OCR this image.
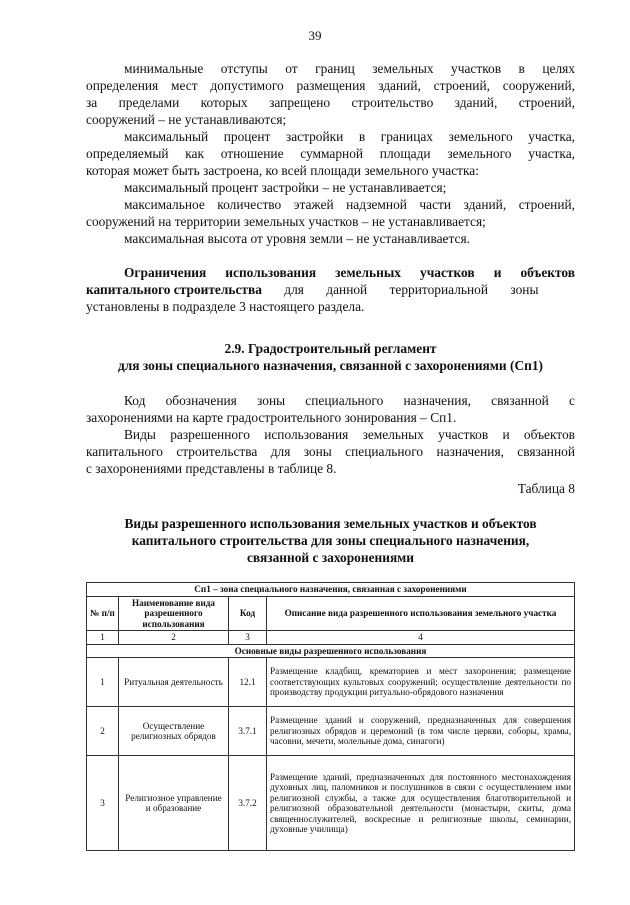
39
минимальные отступы от границ земельных участков в целях
определения мест допустимого размещения зданий, строений, сооружений,
за пределами которых запрещено строительство зданий, строений,
сооружений – не устанавливаются;
максимальный процент застройки в границах земельного участка,
определяемый как отношение суммарной площади земельного участка,
которая может быть застроена, ко всей площади земельного участка:
максимальный процент застройки – не устанавливается;
максимальное количество этажей надземной части зданий, строений,
сооружений на территории земельных участков – не устанавливается;
максимальная высота от уровня земли – не устанавливается.
Ограничения использования земельных участков и объектов
капитального строительства для данной территориальной зоны
установлены в подразделе 3 настоящего раздела.
2.9. Градостроительный регламент
для зоны специального назначения, связанной с захоронениями (Сп1)
Код обозначения зоны специального назначения, связанной с
захоронениями на карте градостроительного зонирования – Сп1.
Виды разрешенного использования земельных участков и объектов
капитального строительства для зоны специального назначения, связанной
с захоронениями представлены в таблице 8.
Таблица 8
Виды разрешенного использования земельных участков и объектов
капитального строительства для зоны специального назначения,
связанной с захоронениями
Сп1 – зона специального назначения, связанная с захоронениями			
№ п/п	Наименование вида разрешенного использования	Код	Описание вида разрешенного использования земельного участка
1	2	3	4
Основные виды разрешенного использования			
1	Ритуальная деятельность	12.1	Размещение кладбищ, крематориев и мест захоронения; размещение соответствующих культовых сооружений; осуществление деятельности по производству продукции ритуально-обрядового назначения
2	Осуществление религиозных обрядов	3.7.1	Размещение зданий и сооружений, предназначенных для совершения религиозных обрядов и церемоний (в том числе церкви, соборы, храмы, часовни, мечети, молельные дома, синагоги)
3	Религиозное управление и образование	3.7.2	Размещение зданий, предназначенных для постоянного местонахождения духовных лиц, паломников и послушников в связи с осуществлением ими религиозной службы, а также для осуществления благотворительной и религиозной образовательной деятельности (монастыри, скиты, дома священнослужителей, воскресные и религиозные школы, семинарии, духовные училища)
